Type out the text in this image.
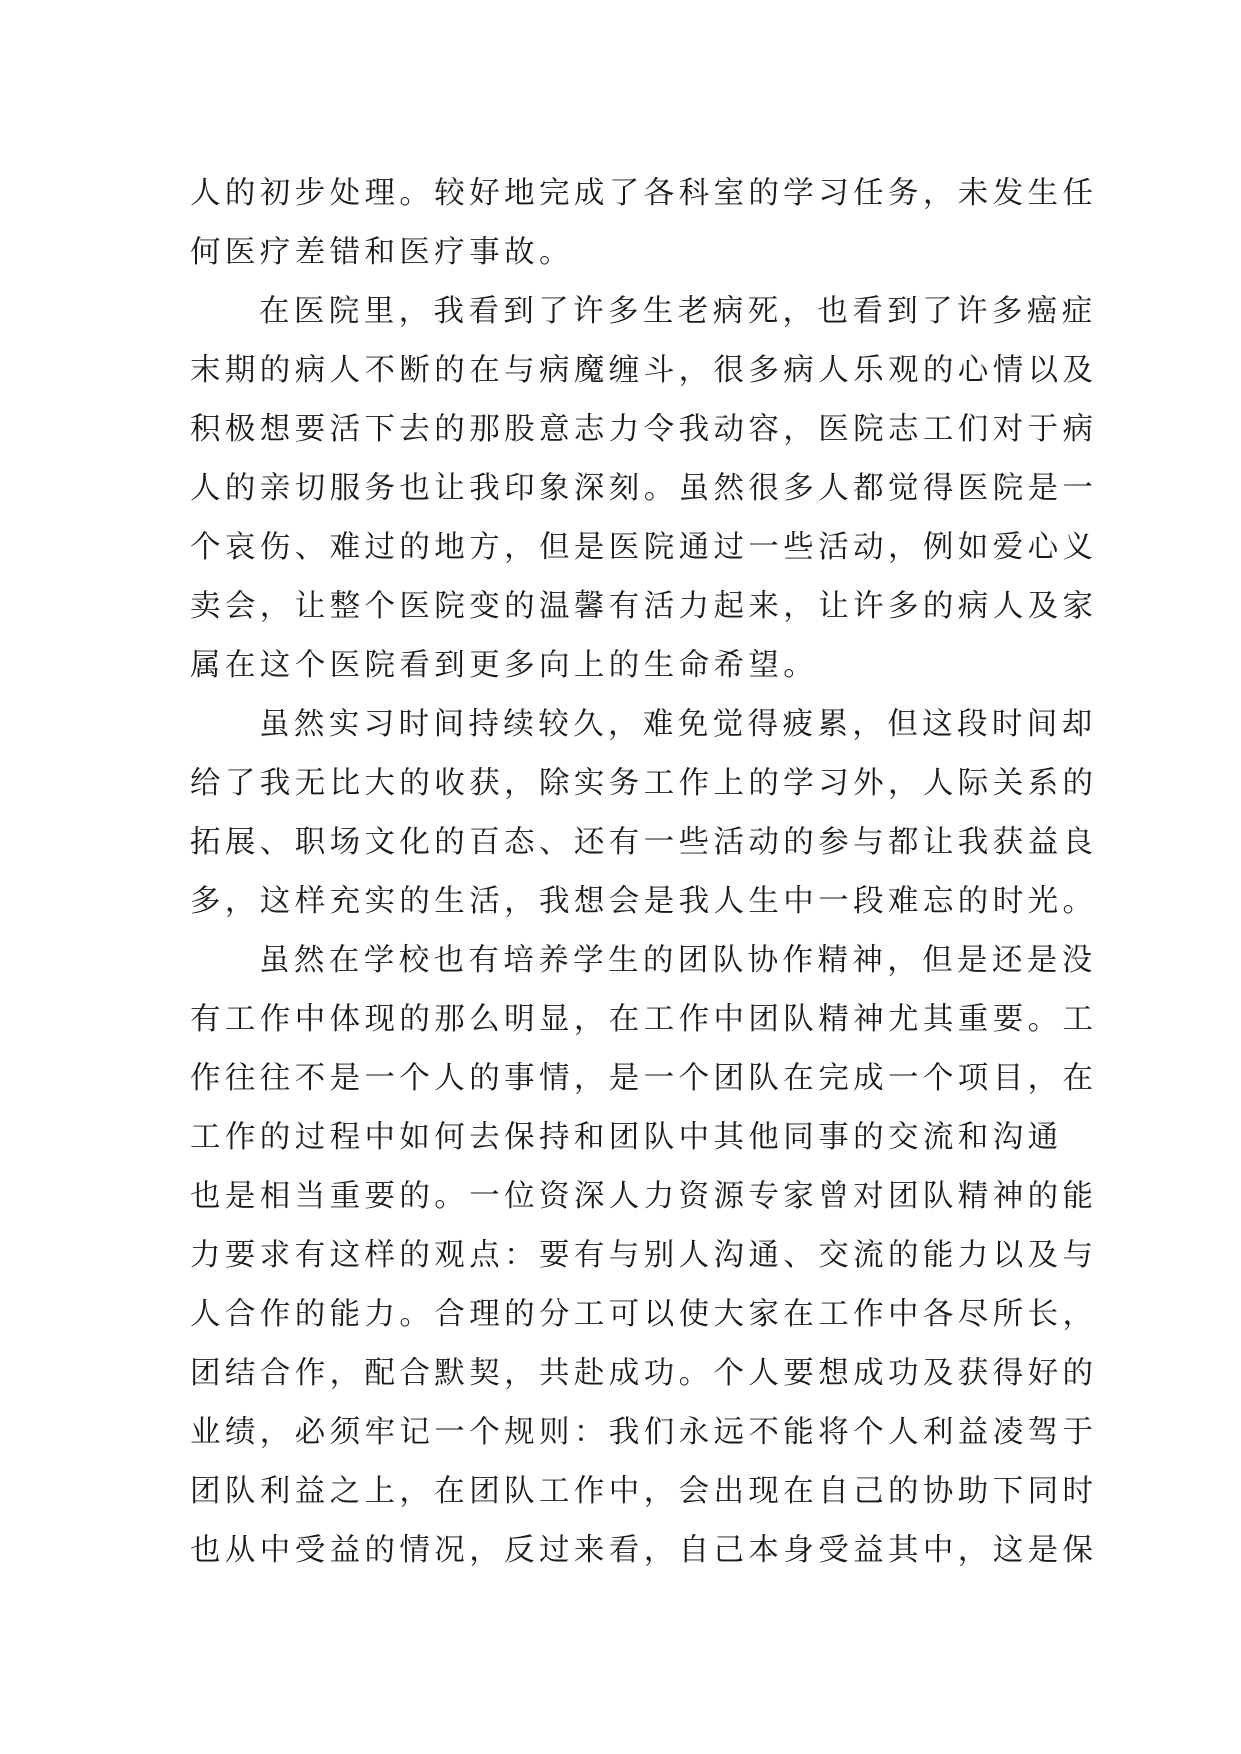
人的初步处理。较好地完成了各科室的学习任务，未发生任
何医疗差错和医疗事故。
在医院里，我看到了许多生老病死，也看到了许多癌症
末期的病人不断的在与病魔缠斗，很多病人乐观的心情以及
积极想要活下去的那股意志力令我动容，医院志工们对于病
人的亲切服务也让我印象深刻。虽然很多人都觉得医院是一
个哀伤、难过的地方，但是医院通过一些活动，例如爱心义
卖会，让整个医院变的温馨有活力起来，让许多的病人及家
属在这个医院看到更多向上的生命希望。
虽然实习时间持续较久，难免觉得疲累，但这段时间却
给了我无比大的收获，除实务工作上的学习外，人际关系的
拓展、职场文化的百态、还有一些活动的参与都让我获益良
多，这样充实的生活，我想会是我人生中一段难忘的时光。
虽然在学校也有培养学生的团队协作精神，但是还是没
有工作中体现的那么明显，在工作中团队精神尤其重要。工
作往往不是一个人的事情，是一个团队在完成一个项目，在
工作的过程中如何去保持和团队中其他同事的交流和沟通
也是相当重要的。一位资深人力资源专家曾对团队精神的能
力要求有这样的观点：要有与别人沟通、交流的能力以及与
人合作的能力。合理的分工可以使大家在工作中各尽所长，
团结合作，配合默契，共赴成功。个人要想成功及获得好的
业绩，必须牢记一个规则：我们永远不能将个人利益凌驾于
团队利益之上，在团队工作中，会出现在自己的协助下同时
也从中受益的情况，反过来看，自己本身受益其中，这是保
